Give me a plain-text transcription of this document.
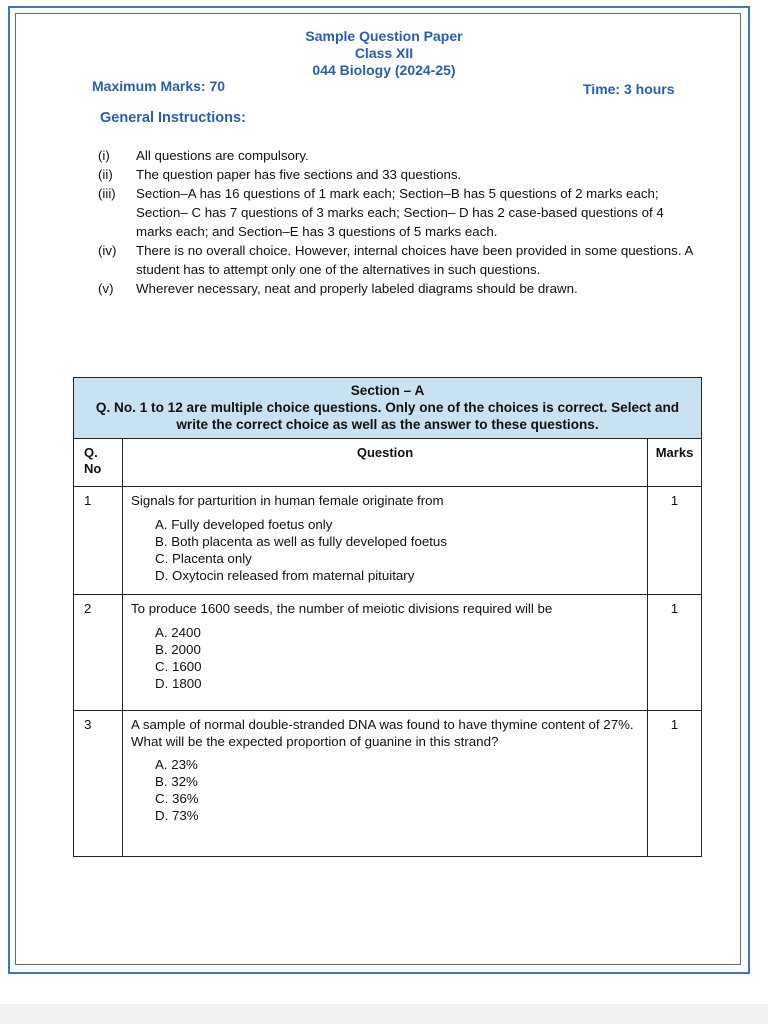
Sample Question Paper
Class XII
044 Biology (2024-25)
Maximum Marks: 70	Time: 3 hours
General Instructions:
(i)	All questions are compulsory.
(ii)	The question paper has five sections and 33 questions.
(iii)	Section–A has 16 questions of 1 mark each; Section–B has 5 questions of 2 marks each; Section– C has 7 questions of 3 marks each; Section– D has 2 case-based questions of 4 marks each; and Section–E has 3 questions of 5 marks each.
(iv)	There is no overall choice. However, internal choices have been provided in some questions. A student has to attempt only one of the alternatives in such questions.
(v)	Wherever necessary, neat and properly labeled diagrams should be drawn.
Section – A
Q. No. 1 to 12 are multiple choice questions. Only one of the choices is correct. Select and write the correct choice as well as the answer to these questions.		
Q. No	Question	Marks
1	Signals for parturition in human female originate from
A. Fully developed foetus only
B. Both placenta as well as fully developed foetus
C. Placenta only
D. Oxytocin released from maternal pituitary	1
2	To produce 1600 seeds, the number of meiotic divisions required will be
A. 2400
B. 2000
C. 1600
D. 1800	1
3	A sample of normal double-stranded DNA was found to have thymine content of 27%. What will be the expected proportion of guanine in this strand?
A. 23%
B. 32%
C. 36%
D. 73%	1
